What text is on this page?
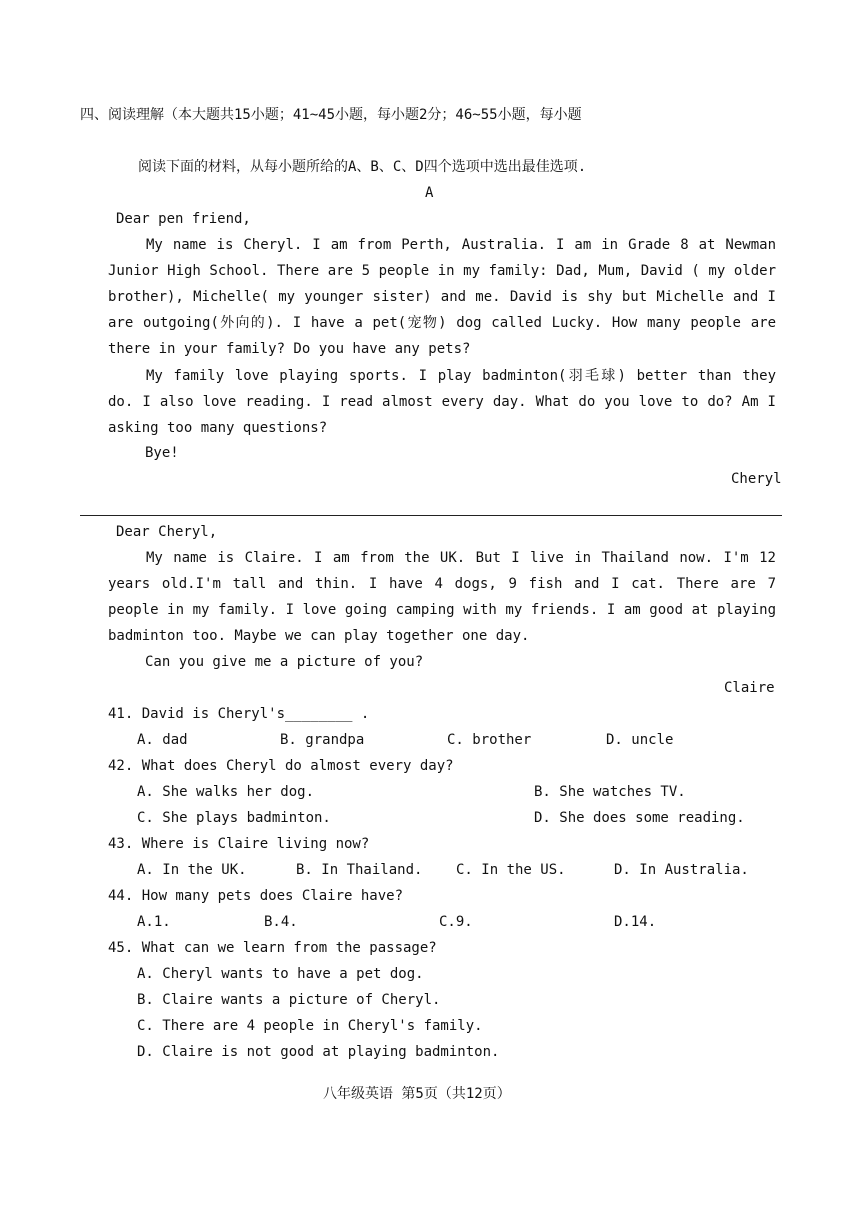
四、阅读理解（本大题共15小题；41~45小题，每小题2分；46~55小题，每小题
阅读下面的材料，从每小题所给的A、B、C、D四个选项中选出最佳选项.
A
Dear pen friend,
My name is Cheryl. I am from Perth, Australia. I am in Grade 8 at Newman Junior High School. There are 5 people in my family: Dad, Mum, David ( my older brother), Michelle( my younger sister) and me. David is shy but Michelle and I are outgoing(外向的). I have a pet(宠物) dog called Lucky. How many people are there in your family? Do you have any pets?
My family love playing sports. I play badminton(羽毛球) better than they do. I also love reading. I read almost every day. What do you love to do? Am I asking too many questions?
Bye!
Cheryl
Dear Cheryl,
My name is Claire. I am from the UK. But I live in Thailand now. I'm 12 years old.I'm tall and thin. I have 4 dogs, 9 fish and I cat. There are 7 people in my family. I love going camping with my friends. I am good at playing badminton too. Maybe we can play together one day.
Can you give me a picture of you?
Claire
41. David is Cheryl's________ .
A. dad	B. grandpa	C. brother	D. uncle
42. What does Cheryl do almost every day?
A. She walks her dog.	B. She watches TV.
C. She plays badminton.	D. She does some reading.
43. Where is Claire living now?
A. In the UK.	B. In Thailand. C. In the US.	D. In Australia.
44. How many pets does Claire have?
A.1.	B.4.	C.9.	D.14.
45. What can we learn from the passage?
A. Cheryl wants to have a pet dog.
B. Claire wants a picture of Cheryl.
C. There are 4 people in Cheryl's family.
D. Claire is not good at playing badminton.
八年级英语 第5页（共12页）
